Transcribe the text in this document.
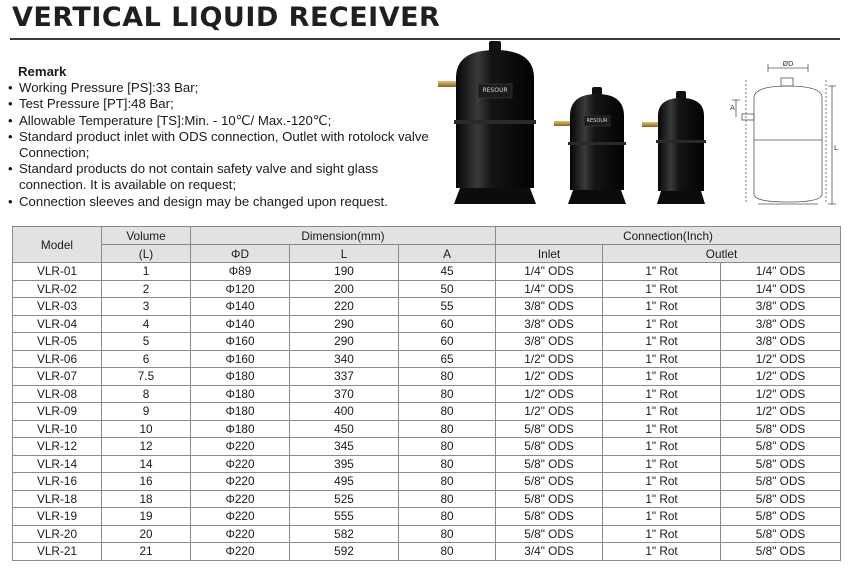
VERTICAL LIQUID RECEIVER
Remark
• Working Pressure [PS]:33 Bar;
• Test Pressure [PT]:48 Bar;
• Allowable Temperature [TS]:Min. - 10℃/ Max.-120℃;
• Standard product inlet with ODS connection, Outlet with rotolock valve Connection;
• Standard products do not contain safety valve and sight glass connection. It is available on request;
• Connection sleeves and design may be changed upon request.
RESOUR
RESOUR
ØD
A
L
Model	Volume	Dimension(mm)			Connection(Inch)		
	(L)	ΦD	L	A	Inlet	Outlet	
VLR-01	1	Φ89	190	45	1/4" ODS	1" Rot	1/4" ODS
VLR-02	2	Φ120	200	50	1/4" ODS	1" Rot	1/4" ODS
VLR-03	3	Φ140	220	55	3/8" ODS	1" Rot	3/8" ODS
VLR-04	4	Φ140	290	60	3/8" ODS	1" Rot	3/8" ODS
VLR-05	5	Φ160	290	60	3/8" ODS	1" Rot	3/8" ODS
VLR-06	6	Φ160	340	65	1/2" ODS	1" Rot	1/2" ODS
VLR-07	7.5	Φ180	337	80	1/2" ODS	1" Rot	1/2" ODS
VLR-08	8	Φ180	370	80	1/2" ODS	1" Rot	1/2" ODS
VLR-09	9	Φ180	400	80	1/2" ODS	1" Rot	1/2" ODS
VLR-10	10	Φ180	450	80	5/8" ODS	1" Rot	5/8" ODS
VLR-12	12	Φ220	345	80	5/8" ODS	1" Rot	5/8" ODS
VLR-14	14	Φ220	395	80	5/8" ODS	1" Rot	5/8" ODS
VLR-16	16	Φ220	495	80	5/8" ODS	1" Rot	5/8" ODS
VLR-18	18	Φ220	525	80	5/8" ODS	1" Rot	5/8" ODS
VLR-19	19	Φ220	555	80	5/8" ODS	1" Rot	5/8" ODS
VLR-20	20	Φ220	582	80	5/8" ODS	1" Rot	5/8" ODS
VLR-21	21	Φ220	592	80	3/4" ODS	1" Rot	5/8" ODS
